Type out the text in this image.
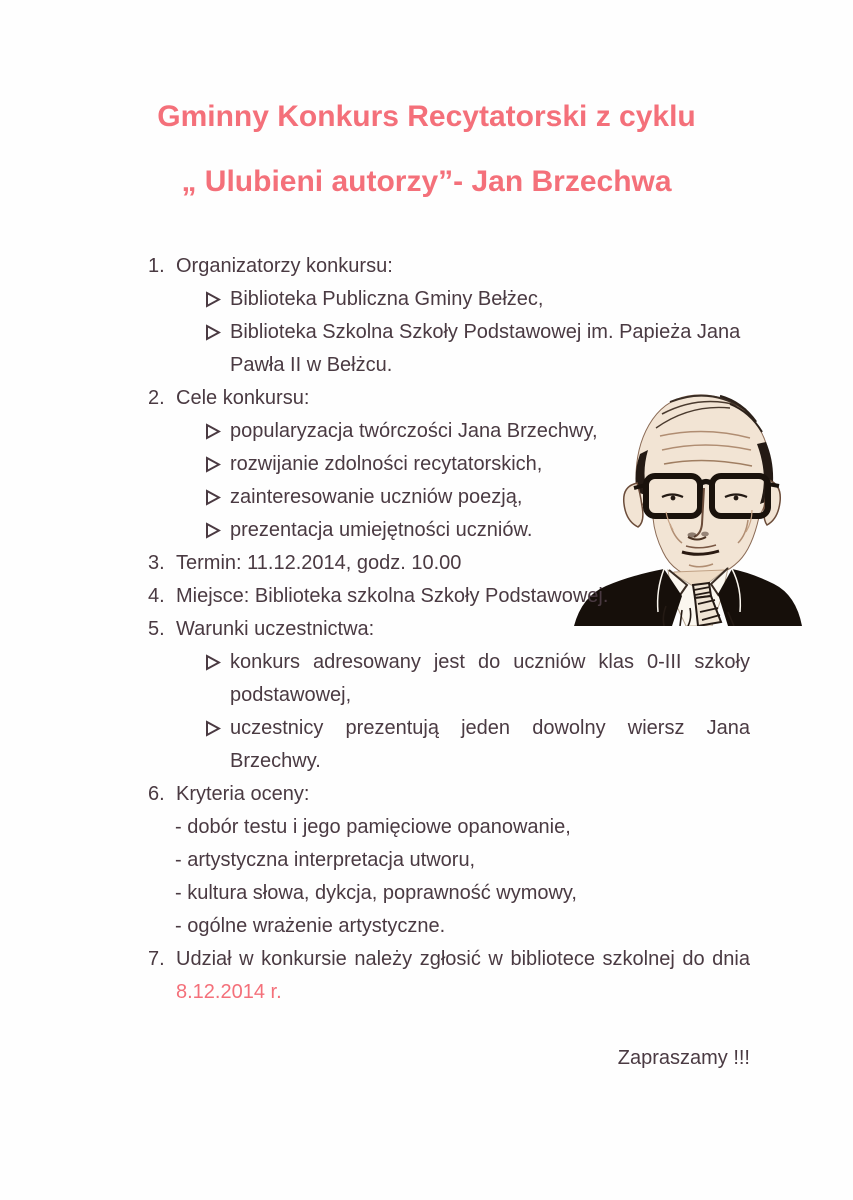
Gminny Konkurs Recytatorski z cyklu
„ Ulubieni autorzy”- Jan Brzechwa
1. Organizatorzy konkursu:
Biblioteka Publiczna Gminy Bełżec,
Biblioteka Szkolna Szkoły Podstawowej im. Papieża Jana Pawła II w Bełżcu.
2. Cele konkursu:
popularyzacja twórczości Jana Brzechwy,
rozwijanie zdolności recytatorskich,
zainteresowanie uczniów poezją,
prezentacja umiejętności uczniów.
3. Termin: 11.12.2014, godz. 10.00
4. Miejsce: Biblioteka szkolna Szkoły Podstawowej.
5. Warunki uczestnictwa:
konkurs adresowany jest do uczniów klas 0-III szkoły podstawowej,
uczestnicy prezentują jeden dowolny wiersz Jana Brzechwy.
6. Kryteria oceny:
- dobór testu i jego pamięciowe opanowanie,
- artystyczna interpretacja utworu,
- kultura słowa, dykcja, poprawność wymowy,
- ogólne wrażenie artystyczne.
7. Udział w konkursie należy zgłosić w bibliotece szkolnej do dnia 8.12.2014 r.
Zapraszamy !!!
